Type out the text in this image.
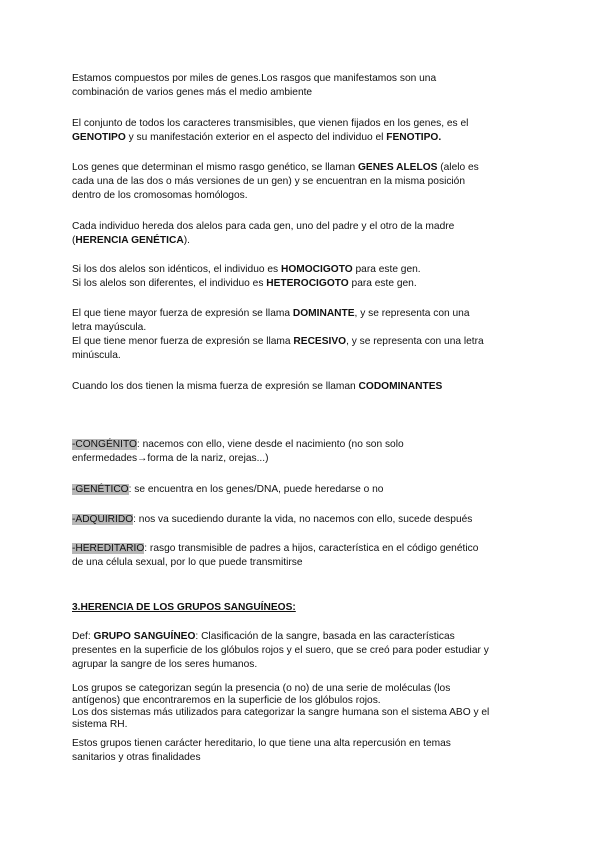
Estamos compuestos por miles de genes.Los rasgos que manifestamos son una
combinación de varios genes más el medio ambiente

El conjunto de todos los caracteres transmisibles, que vienen fijados en los genes, es el
GENOTIPO y su manifestación exterior en el aspecto del individuo el FENOTIPO.

Los genes que determinan el mismo rasgo genético, se llaman GENES ALELOS (alelo es
cada una de las dos o más versiones de un gen) y se encuentran en la misma posición
dentro de los cromosomas homólogos.

Cada individuo hereda dos alelos para cada gen, uno del padre y el otro de la madre
(HERENCIA GENÉTICA).

Si los dos alelos son idénticos, el individuo es HOMOCIGOTO para este gen.
Si los alelos son diferentes, el individuo es HETEROCIGOTO para este gen.

El que tiene mayor fuerza de expresión se llama DOMINANTE, y se representa con una
letra mayúscula.
El que tiene menor fuerza de expresión se llama RECESIVO, y se representa con una letra
minúscula.

Cuando los dos tienen la misma fuerza de expresión se llaman CODOMINANTES

-CONGÉNITO: nacemos con ello, viene desde el nacimiento (no son solo
enfermedades→forma de la nariz, orejas...)

-GENÉTICO: se encuentra en los genes/DNA, puede heredarse o no

-ADQUIRIDO: nos va sucediendo durante la vida, no nacemos con ello, sucede después

-HEREDITARIO: rasgo transmisible de padres a hijos, característica en el código genético
de una célula sexual, por lo que puede transmitirse

3.HERENCIA DE LOS GRUPOS SANGUÍNEOS:

Def: GRUPO SANGUÍNEO: Clasificación de la sangre, basada en las características
presentes en la superficie de los glóbulos rojos y el suero, que se creó para poder estudiar y
agrupar la sangre de los seres humanos.

Los grupos se categorizan según la presencia (o no) de una serie de moléculas (los
antígenos) que encontraremos en la superficie de los glóbulos rojos.
Los dos sistemas más utilizados para categorizar la sangre humana son el sistema ABO y el
sistema RH.

Estos grupos tienen carácter hereditario, lo que tiene una alta repercusión en temas
sanitarios y otras finalidades
